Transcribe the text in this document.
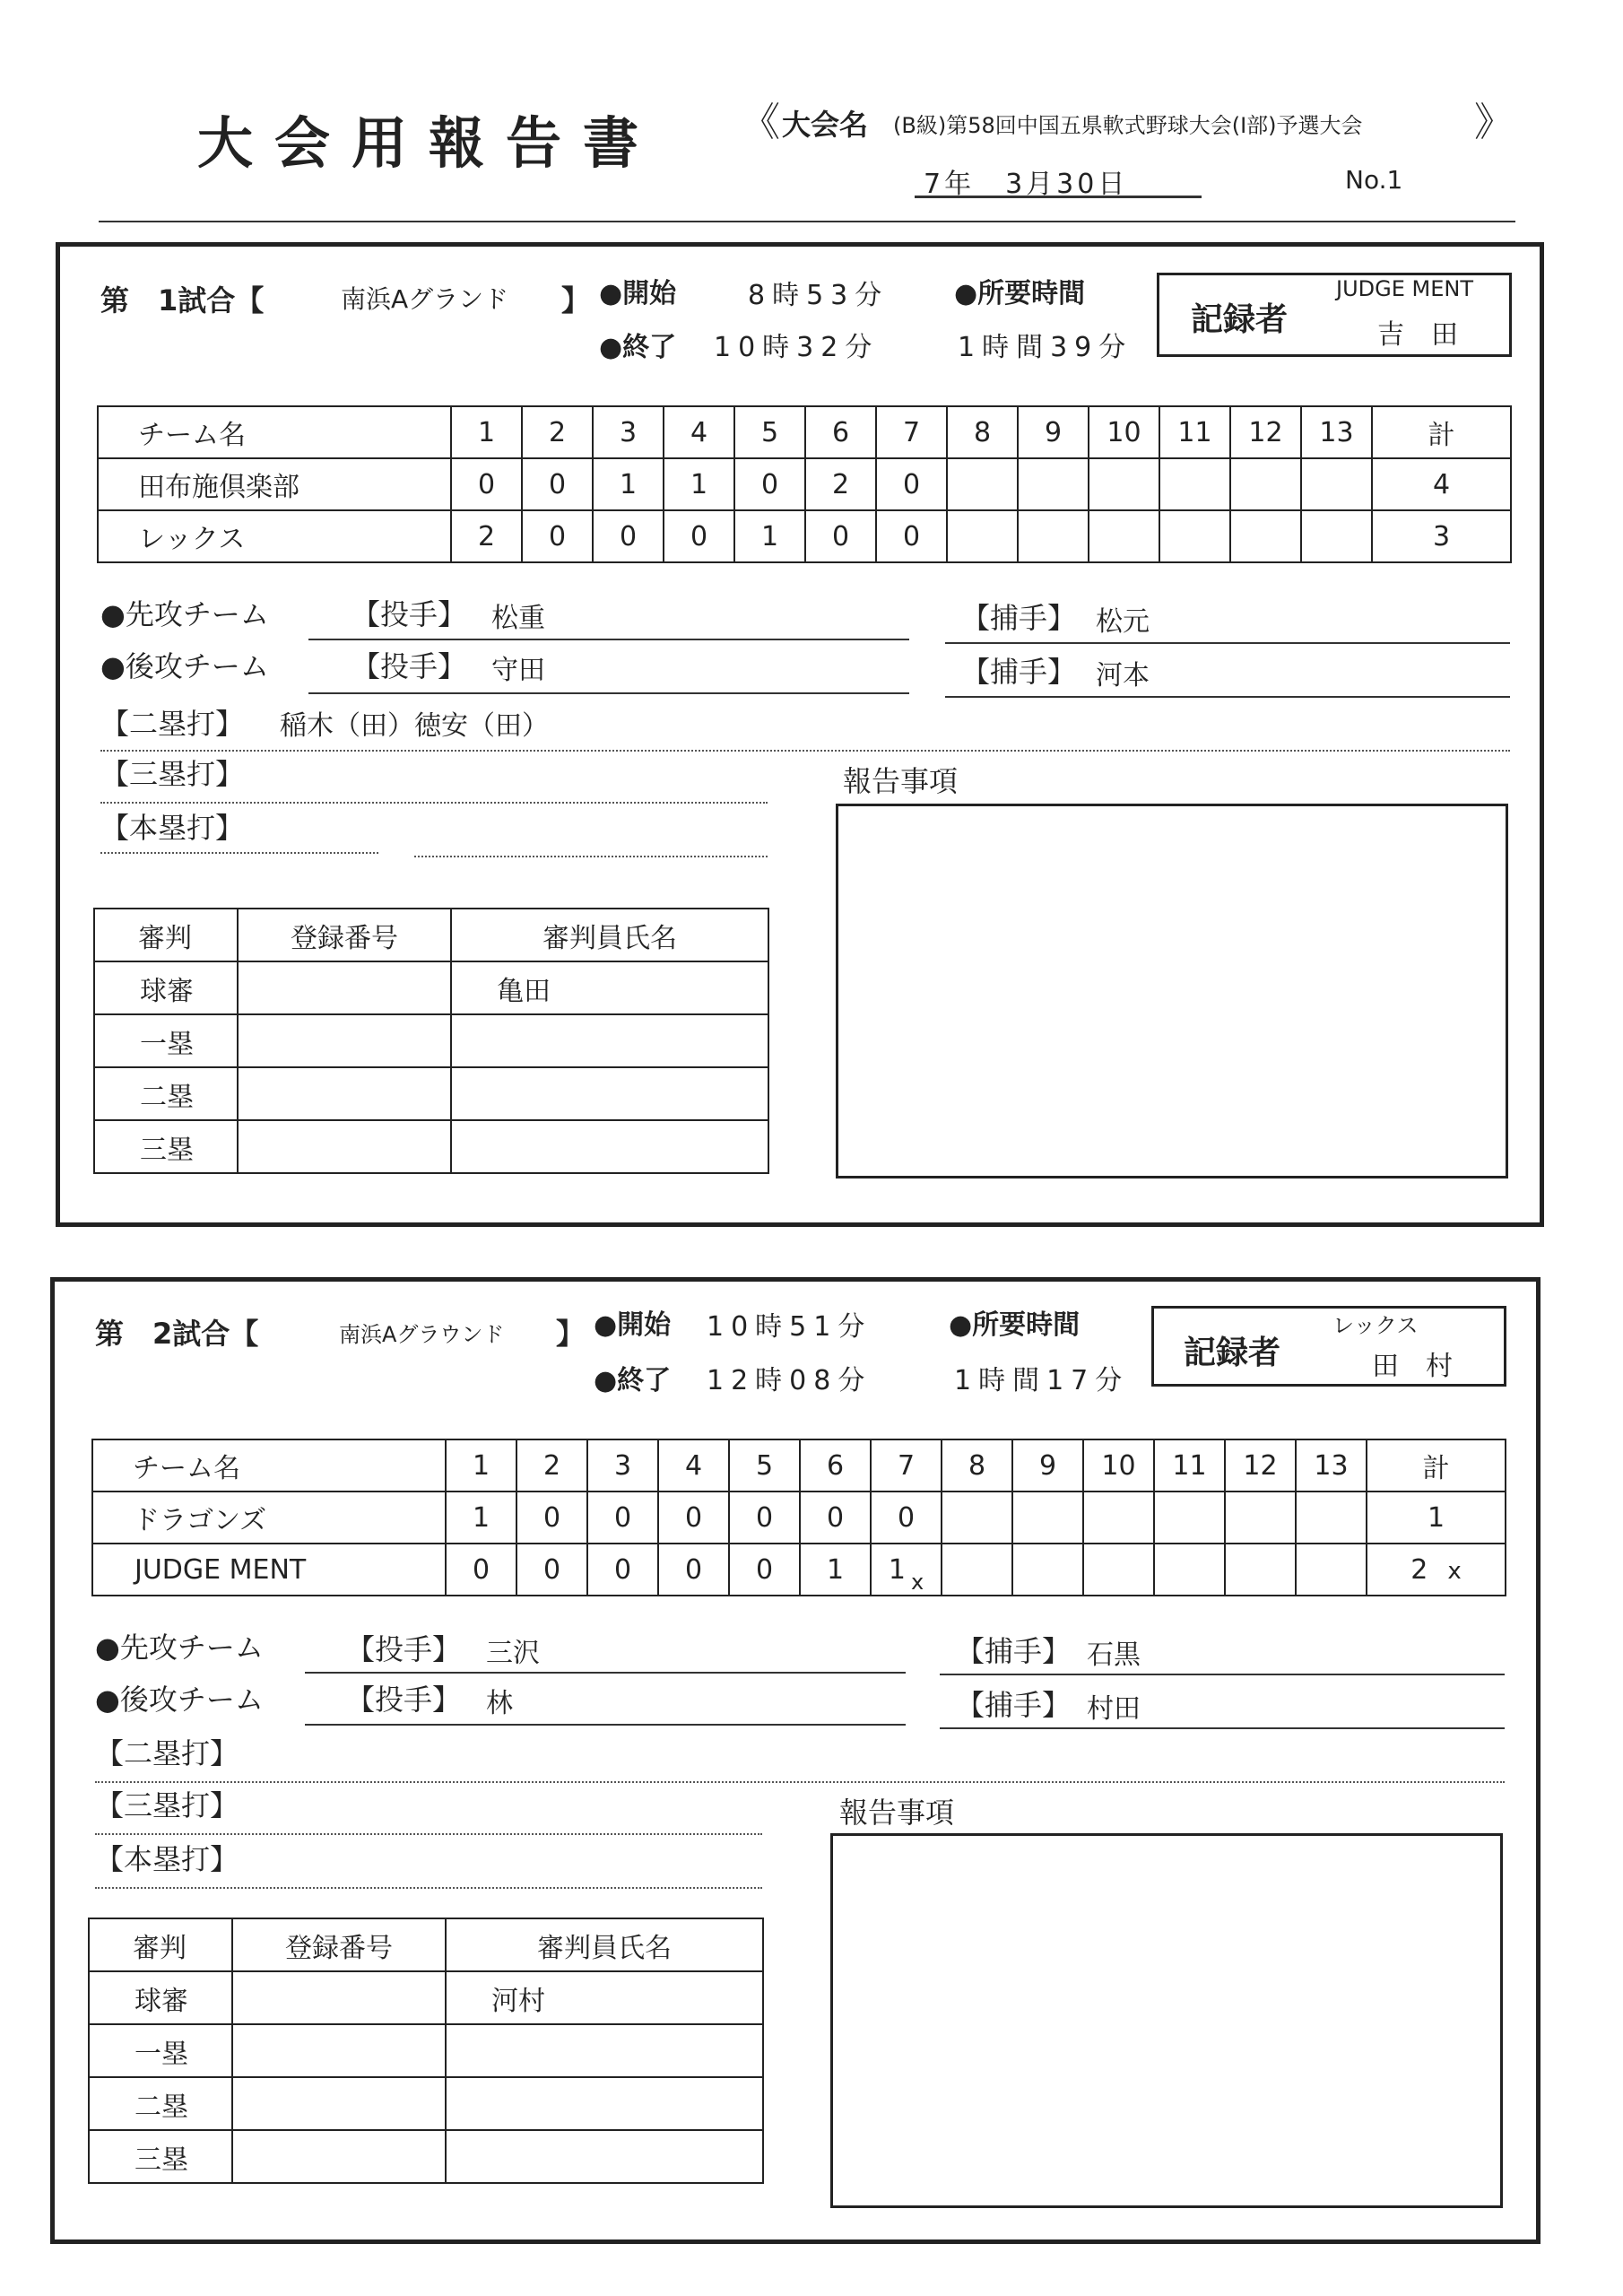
大会用報告書 《 大会名 (B級)第58回中国五県軟式野球大会(Ⅰ部)予選大会	》
7年　3月30日	No.1
第　1試合【	南浜Aグランド 】 ●開始	8時53分 ●所要時間
●終了 10時32分	1時間39分
記録者
JUDGE MENT
吉　田
チーム名	1	2	3	4	5	6	7	8	9	10	11	12	13	計
田布施倶楽部	0	0	1	1	0	2	0							4
レックス	2	0	0	0	1	0	0							3
●先攻チーム	【投手】 松重	【捕手】 松元
●後攻チーム	【投手】 守田	【捕手】 河本
【二塁打】 稲木（田）徳安（田）
【三塁打】	報告事項
【本塁打】
審判	登録番号	審判員氏名
球審		亀田
一塁		
二塁		
三塁		
第　2試合【	南浜Aグラウンド 】 ●開始 10時51分	●所要時間
●終了 12時08分	1時間17分
記録者
レックス
田　村
チーム名	1	2	3	4	5	6	7	8	9	10	11	12	13	計
ドラゴンズ	1	0	0	0	0	0	0							1
JUDGE MENT	0	0	0	0	0	1	1 $_x$							2 x
●先攻チーム	【投手】 三沢	【捕手】 石黒
●後攻チーム	【投手】 林	【捕手】 村田
【二塁打】
【三塁打】	報告事項
【本塁打】
審判	登録番号	審判員氏名
球審		河村
一塁		
二塁		
三塁		
